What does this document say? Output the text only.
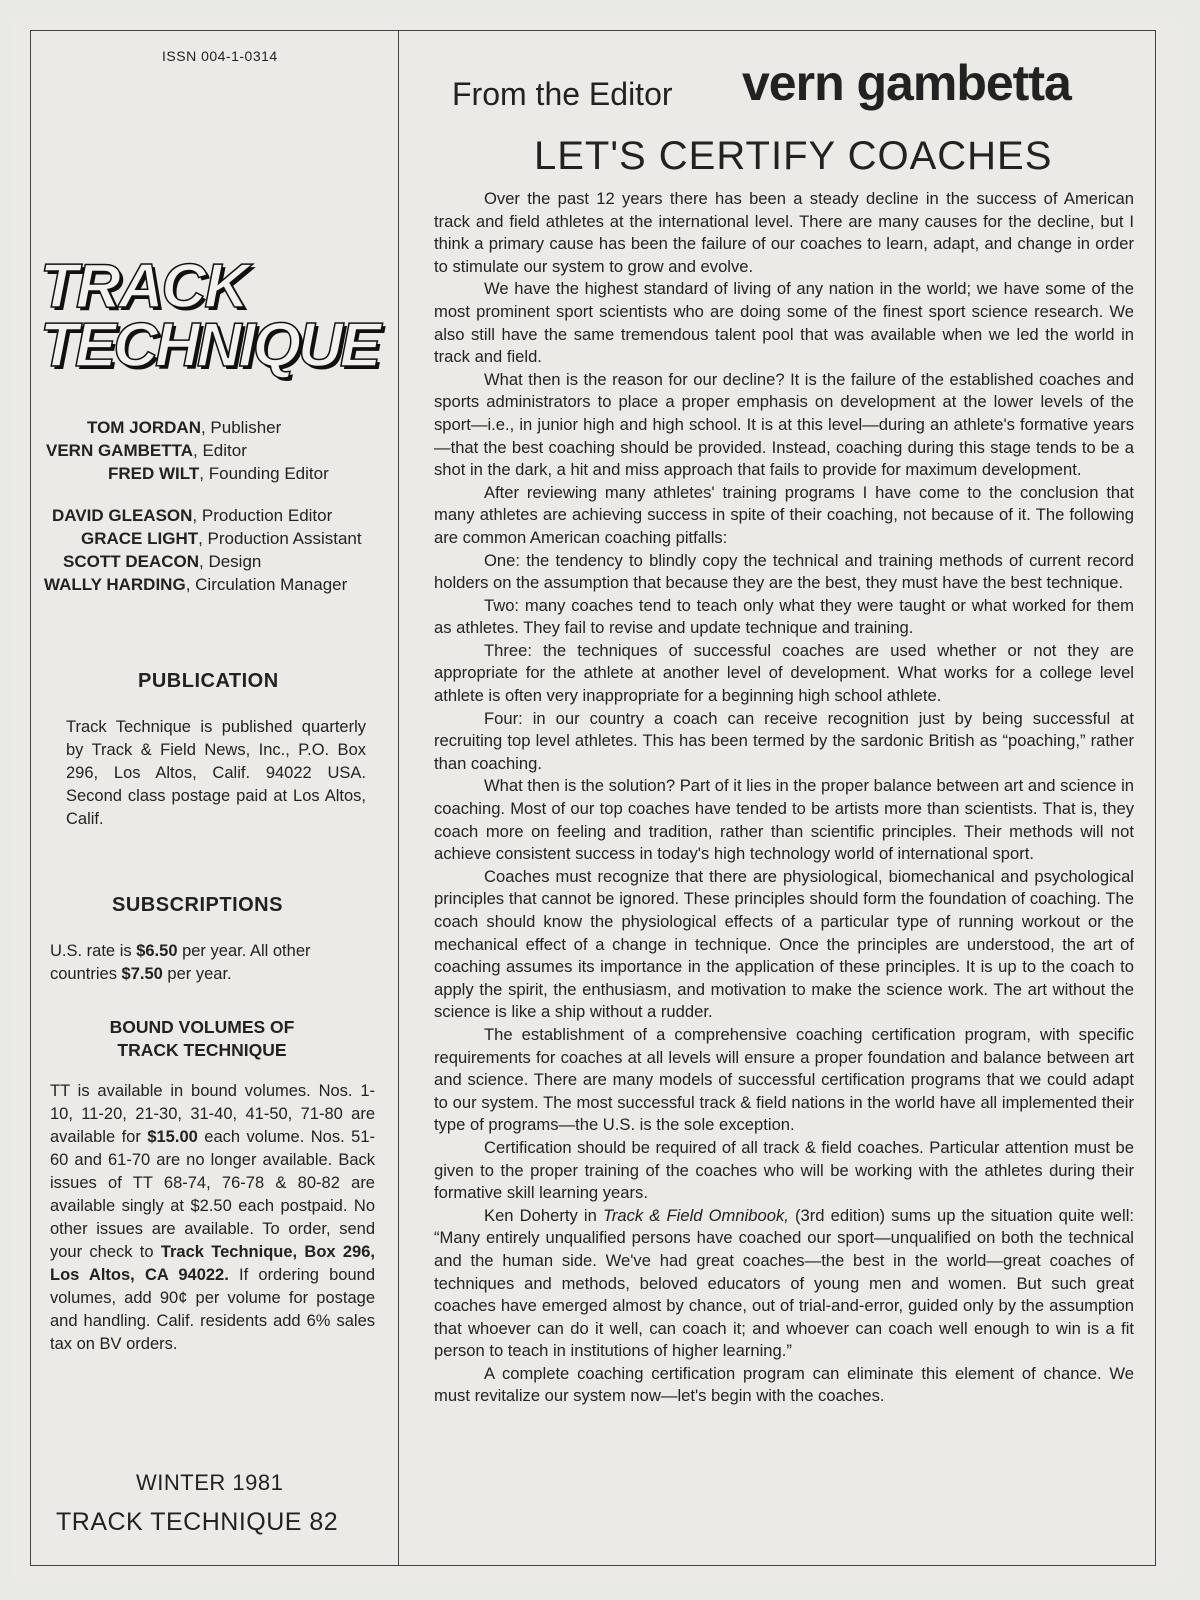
ISSN 004-1-0314
TRACK
TECHNIQUE
TOM JORDAN, Publisher
VERN GAMBETTA, Editor
FRED WILT, Founding Editor
DAVID GLEASON, Production Editor
GRACE LIGHT, Production Assistant
SCOTT DEACON, Design
WALLY HARDING, Circulation Manager
PUBLICATION
Track Technique is published quarterly by Track & Field News, Inc., P.O. Box 296, Los Altos, Calif. 94022 USA. Second class postage paid at Los Altos, Calif.
SUBSCRIPTIONS
U.S. rate is $6.50 per year. All other countries $7.50 per year.
BOUND VOLUMES OF
TRACK TECHNIQUE
TT is available in bound volumes. Nos. 1-10, 11-20, 21-30, 31-40, 41-50, 71-80 are available for $15.00 each volume. Nos. 51-60 and 61-70 are no longer available. Back issues of TT 68-74, 76-78 & 80-82 are available singly at $2.50 each postpaid. No other issues are available. To order, send your check to Track Technique, Box 296, Los Altos, CA 94022. If ordering bound volumes, add 90¢ per volume for postage and handling. Calif. residents add 6% sales tax on BV orders.
WINTER 1981
TRACK TECHNIQUE 82
From the Editor vern gambetta
LET'S CERTIFY COACHES

Over the past 12 years there has been a steady decline in the success of American track and field athletes at the international level. There are many causes for the decline, but I think a primary cause has been the failure of our coaches to learn, adapt, and change in order to stimulate our system to grow and evolve.

We have the highest standard of living of any nation in the world; we have some of the most prominent sport scientists who are doing some of the finest sport science research. We also still have the same tremendous talent pool that was available when we led the world in track and field.

What then is the reason for our decline? It is the failure of the established coaches and sports administrators to place a proper emphasis on development at the lower levels of the sport—i.e., in junior high and high school. It is at this level—during an athlete's formative years—that the best coaching should be provided. Instead, coaching during this stage tends to be a shot in the dark, a hit and miss approach that fails to provide for maximum development.

After reviewing many athletes' training programs I have come to the conclusion that many athletes are achieving success in spite of their coaching, not because of it. The following are common American coaching pitfalls:

One: the tendency to blindly copy the technical and training methods of current record holders on the assumption that because they are the best, they must have the best technique.

Two: many coaches tend to teach only what they were taught or what worked for them as athletes. They fail to revise and update technique and training.

Three: the techniques of successful coaches are used whether or not they are appropriate for the athlete at another level of development. What works for a college level athlete is often very inappropriate for a beginning high school athlete.

Four: in our country a coach can receive recognition just by being successful at recruiting top level athletes. This has been termed by the sardonic British as “poaching,” rather than coaching.

What then is the solution? Part of it lies in the proper balance between art and science in coaching. Most of our top coaches have tended to be artists more than scientists. That is, they coach more on feeling and tradition, rather than scientific principles. Their methods will not achieve consistent success in today's high technology world of international sport.

Coaches must recognize that there are physiological, biomechanical and psychological principles that cannot be ignored. These principles should form the foundation of coaching. The coach should know the physiological effects of a particular type of running workout or the mechanical effect of a change in technique. Once the principles are understood, the art of coaching assumes its importance in the application of these principles. It is up to the coach to apply the spirit, the enthusiasm, and motivation to make the science work. The art without the science is like a ship without a rudder.

The establishment of a comprehensive coaching certification program, with specific requirements for coaches at all levels will ensure a proper foundation and balance between art and science. There are many models of successful certification programs that we could adapt to our system. The most successful track & field nations in the world have all implemented their type of programs—the U.S. is the sole exception.

Certification should be required of all track & field coaches. Particular attention must be given to the proper training of the coaches who will be working with the athletes during their formative skill learning years.

Ken Doherty in Track & Field Omnibook, (3rd edition) sums up the situation quite well: “Many entirely unqualified persons have coached our sport—unqualified on both the technical and the human side. We've had great coaches—the best in the world—great coaches of techniques and methods, beloved educators of young men and women. But such great coaches have emerged almost by chance, out of trial-and-error, guided only by the assumption that whoever can do it well, can coach it; and whoever can coach well enough to win is a fit person to teach in institutions of higher learning.”

A complete coaching certification program can eliminate this element of chance. We must revitalize our system now—let's begin with the coaches.
